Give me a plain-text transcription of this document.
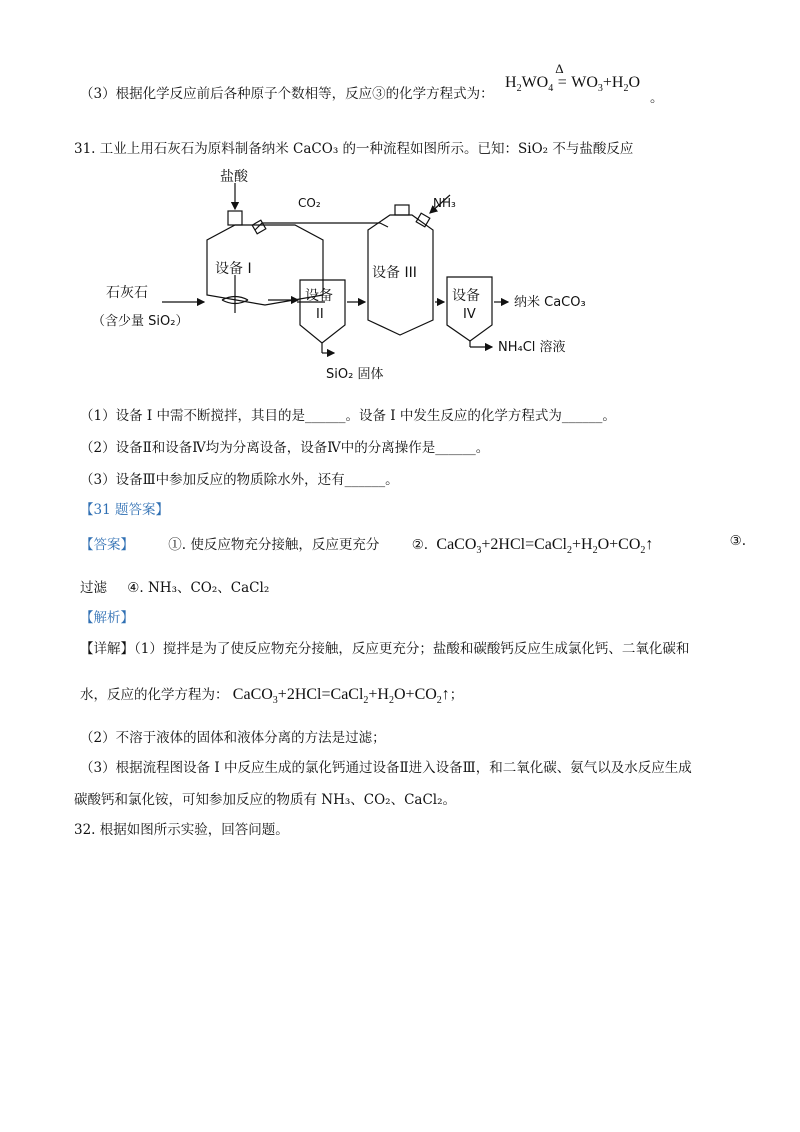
（3）根据化学反应前后各种原子个数相等，反应③的化学方程式为：
$H_2WO_4$
Δ
= $WO_3+H_2O$
。
31. 工业上用石灰石为原料制备纳米 CaCO₃ 的一种流程如图所示。已知：SiO₂ 不与盐酸反应
盐酸
CO₂	NH₃
石灰石
（含少量 SiO₂）
设备 I
设备
II
设备 III
设备
IV
SiO₂ 固体
纳米 CaCO₃
NH₄Cl 溶液
（1）设备 I 中需不断搅拌，其目的是______。设备 I 中发生反应的化学方程式为______。
（2）设备Ⅱ和设备Ⅳ均为分离设备，设备Ⅳ中的分离操作是______。
（3）设备Ⅲ中参加反应的物质除水外，还有______。
【31 题答案】
【答案】	①. 使反应物充分接触，反应更充分 ②. $CaCO_3+2HCl=CaCl_2+H_2O+CO_2↑$	③.
过滤 ④. NH₃、CO₂、CaCl₂
【解析】
【详解】（1）搅拌是为了使反应物充分接触，反应更充分；盐酸和碳酸钙反应生成氯化钙、二氧化碳和
水，反应的化学方程为： $CaCO_3+2HCl=CaCl_2+H_2O+CO_2↑$；
（2）不溶于液体的固体和液体分离的方法是过滤；
（3）根据流程图设备 I 中反应生成的氯化钙通过设备Ⅱ进入设备Ⅲ，和二氧化碳、氨气以及水反应生成
碳酸钙和氯化铵，可知参加反应的物质有 NH₃、CO₂、CaCl₂。
32. 根据如图所示实验，回答问题。
